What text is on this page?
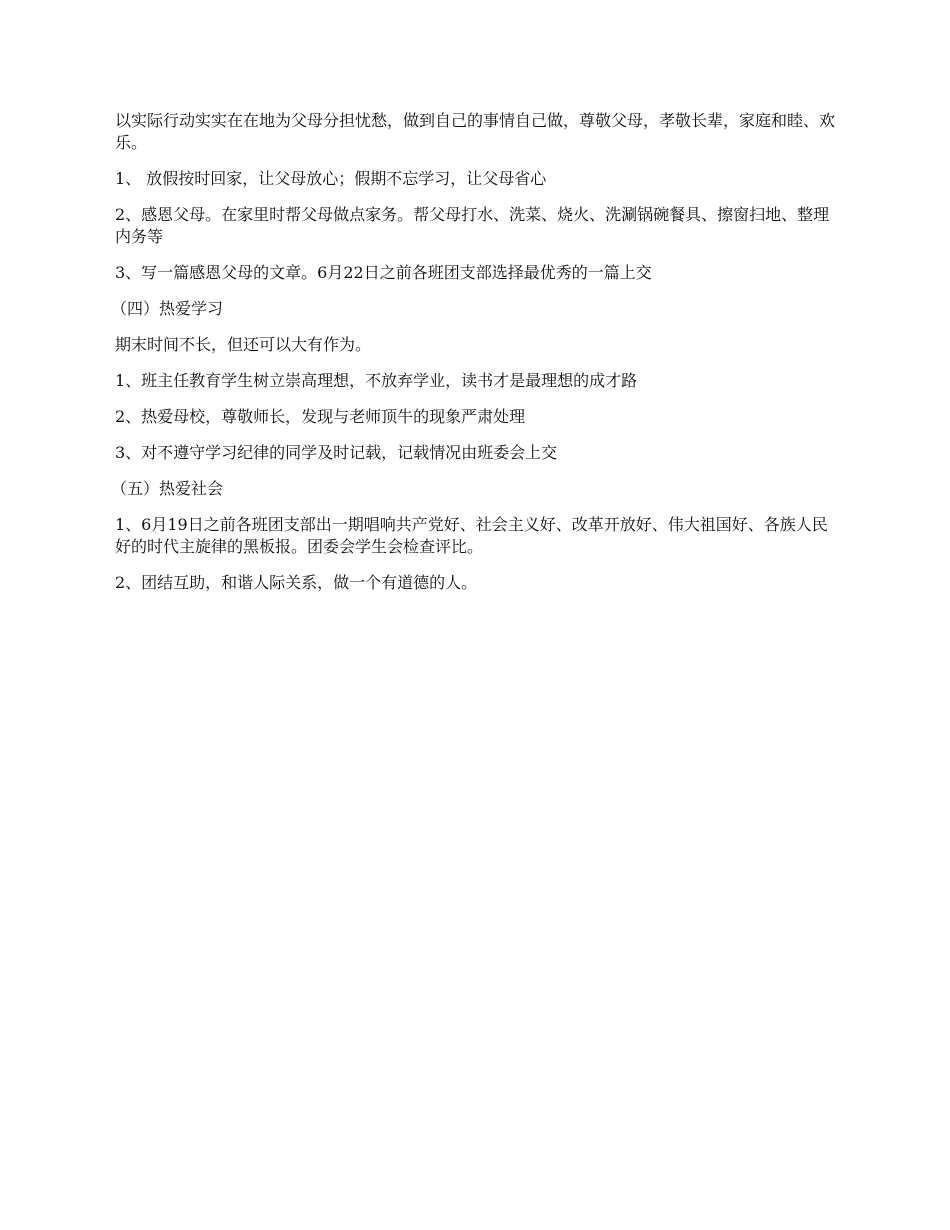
以实际行动实实在在地为父母分担忧愁，做到自己的事情自己做，尊敬父母，孝敬长辈，家庭和睦、欢乐。

1、 放假按时回家，让父母放心；假期不忘学习，让父母省心

2、感恩父母。在家里时帮父母做点家务。帮父母打水、洗菜、烧火、洗涮锅碗餐具、擦窗扫地、整理内务等

3、写一篇感恩父母的文章。6月22日之前各班团支部选择最优秀的一篇上交

（四）热爱学习

期末时间不长，但还可以大有作为。

1、班主任教育学生树立崇高理想，不放弃学业，读书才是最理想的成才路

2、热爱母校，尊敬师长，发现与老师顶牛的现象严肃处理

3、对不遵守学习纪律的同学及时记载，记载情况由班委会上交

（五）热爱社会

1、6月19日之前各班团支部出一期唱响共产党好、社会主义好、改革开放好、伟大祖国好、各族人民好的时代主旋律的黑板报。团委会学生会检查评比。

2、团结互助，和谐人际关系，做一个有道德的人。
